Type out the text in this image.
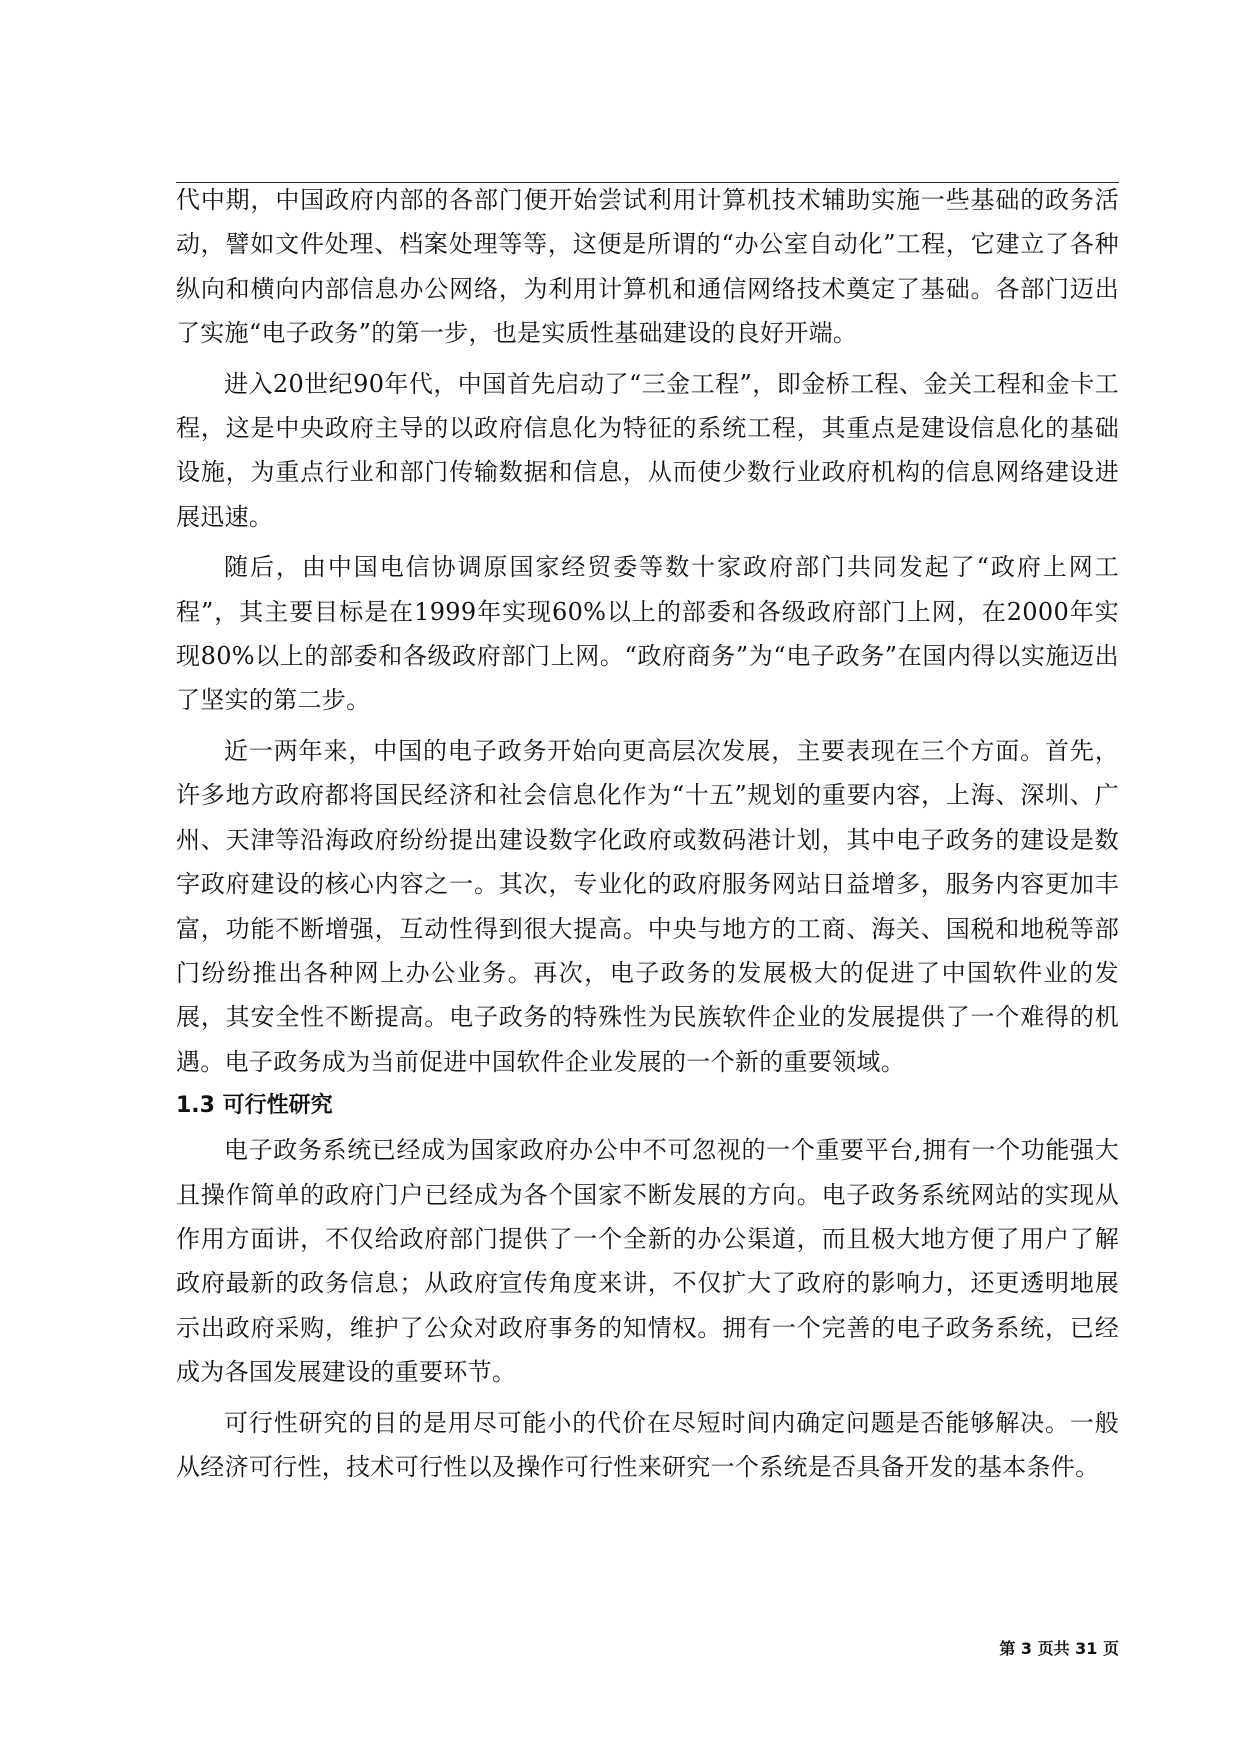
代中期，中国政府内部的各部门便开始尝试利用计算机技术辅助实施一些基础的政务活动，譬如文件处理、档案处理等等，这便是所谓的“办公室自动化”工程，它建立了各种纵向和横向内部信息办公网络，为利用计算机和通信网络技术奠定了基础。各部门迈出了实施“电子政务”的第一步，也是实质性基础建设的良好开端。

进入20世纪90年代，中国首先启动了“三金工程”，即金桥工程、金关工程和金卡工程，这是中央政府主导的以政府信息化为特征的系统工程，其重点是建设信息化的基础设施，为重点行业和部门传输数据和信息，从而使少数行业政府机构的信息网络建设进展迅速。

随后，由中国电信协调原国家经贸委等数十家政府部门共同发起了“政府上网工程”，其主要目标是在1999年实现60%以上的部委和各级政府部门上网，在2000年实现80%以上的部委和各级政府部门上网。“政府商务”为“电子政务”在国内得以实施迈出了坚实的第二步。

近一两年来，中国的电子政务开始向更高层次发展，主要表现在三个方面。首先，许多地方政府都将国民经济和社会信息化作为“十五”规划的重要内容，上海、深圳、广州、天津等沿海政府纷纷提出建设数字化政府或数码港计划，其中电子政务的建设是数字政府建设的核心内容之一。其次，专业化的政府服务网站日益增多，服务内容更加丰富，功能不断增强，互动性得到很大提高。中央与地方的工商、海关、国税和地税等部门纷纷推出各种网上办公业务。再次，电子政务的发展极大的促进了中国软件业的发展，其安全性不断提高。电子政务的特殊性为民族软件企业的发展提供了一个难得的机遇。电子政务成为当前促进中国软件企业发展的一个新的重要领域。

1.3 可行性研究

电子政务系统已经成为国家政府办公中不可忽视的一个重要平台,拥有一个功能强大且操作简单的政府门户已经成为各个国家不断发展的方向。电子政务系统网站的实现从作用方面讲，不仅给政府部门提供了一个全新的办公渠道，而且极大地方便了用户了解政府最新的政务信息；从政府宣传角度来讲，不仅扩大了政府的影响力，还更透明地展示出政府采购，维护了公众对政府事务的知情权。拥有一个完善的电子政务系统，已经成为各国发展建设的重要环节。

可行性研究的目的是用尽可能小的代价在尽短时间内确定问题是否能够解决。一般从经济可行性，技术可行性以及操作可行性来研究一个系统是否具备开发的基本条件。

第 3 页共 31 页
